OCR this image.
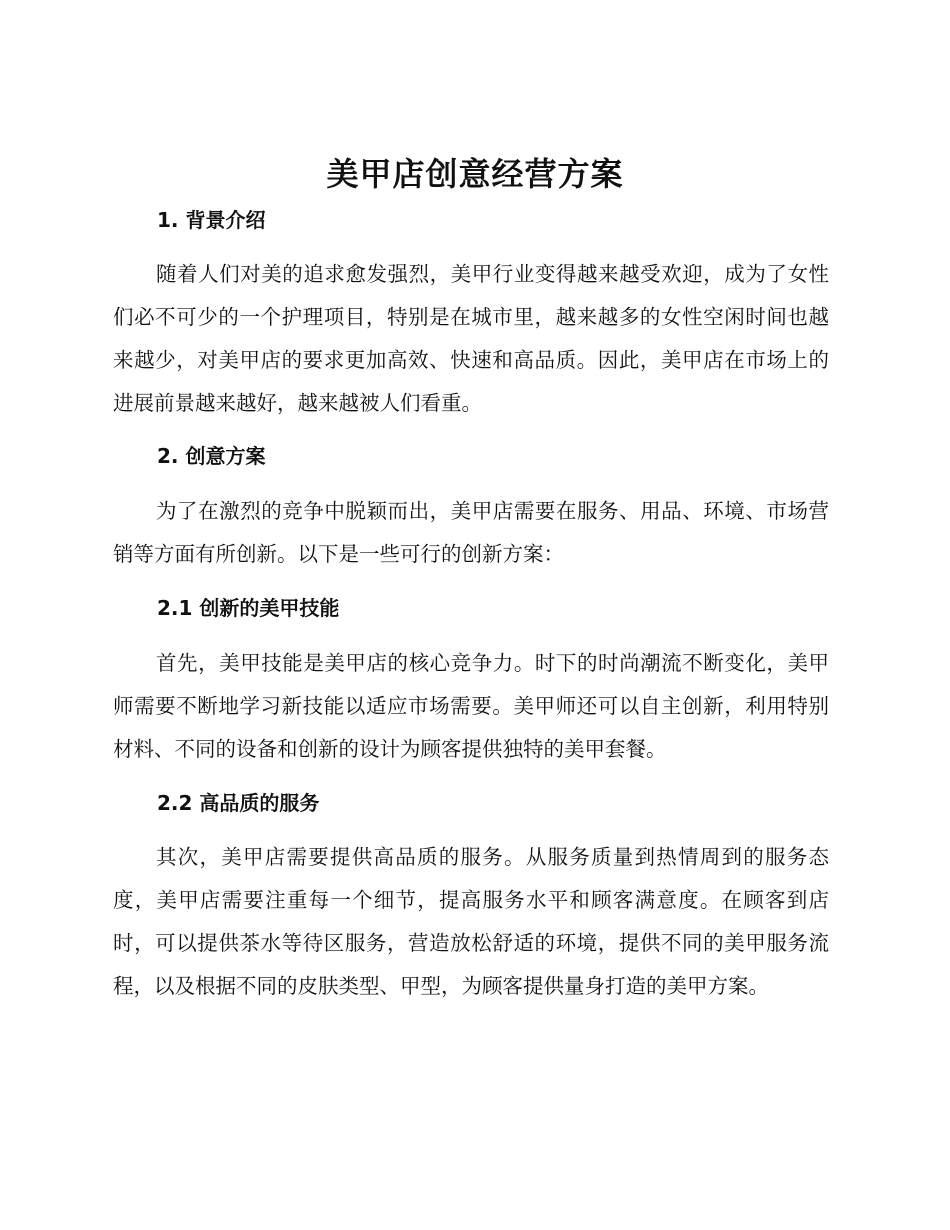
美甲店创意经营方案
1. 背景介绍

随着人们对美的追求愈发强烈，美甲行业变得越来越受欢迎，成为了女性们必不可少的一个护理项目，特别是在城市里，越来越多的女性空闲时间也越来越少，对美甲店的要求更加高效、快速和高品质。因此，美甲店在市场上的进展前景越来越好，越来越被人们看重。

2. 创意方案

为了在激烈的竞争中脱颖而出，美甲店需要在服务、用品、环境、市场营销等方面有所创新。以下是一些可行的创新方案：

2.1 创新的美甲技能

首先，美甲技能是美甲店的核心竞争力。时下的时尚潮流不断变化，美甲师需要不断地学习新技能以适应市场需要。美甲师还可以自主创新，利用特别材料、不同的设备和创新的设计为顾客提供独特的美甲套餐。

2.2 高品质的服务

其次，美甲店需要提供高品质的服务。从服务质量到热情周到的服务态度，美甲店需要注重每一个细节，提高服务水平和顾客满意度。在顾客到店时，可以提供茶水等待区服务，营造放松舒适的环境，提供不同的美甲服务流程，以及根据不同的皮肤类型、甲型，为顾客提供量身打造的美甲方案。
